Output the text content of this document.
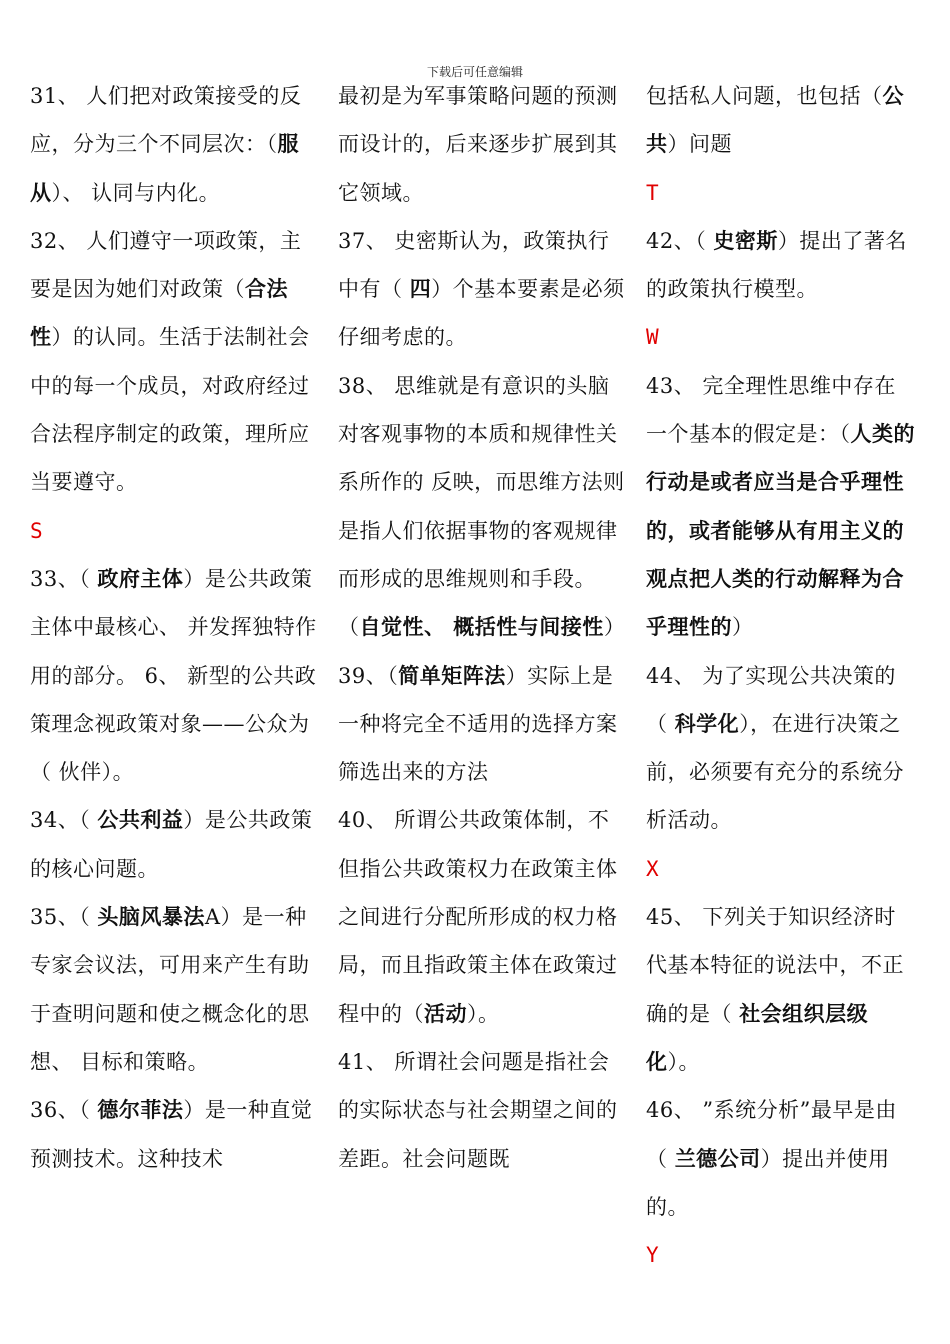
下载后可任意编辑

31、 人们把对政策接受的反应，分为三个不同层次：（服从）、 认同与内化。

32、 人们遵守一项政策，主要是因为她们对政策（合法性）的认同。生活于法制社会中的每一个成员，对政府经过合法程序制定的政策，理所应当要遵守。

S

33、（ 政府主体）是公共政策主体中最核心、 并发挥独特作用的部分。 6、 新型的公共政策理念视政策对象——公众为（ 伙伴）。

34、（ 公共利益）是公共政策的核心问题。

35、（ 头脑风暴法A）是一种专家会议法，可用来产生有助于查明问题和使之概念化的思想、 目标和策略。

36、（ 德尔菲法）是一种直觉预测技术。这种技术

最初是为军事策略问题的预测而设计的，后来逐步扩展到其它领域。

37、 史密斯认为，政策执行中有（ 四）个基本要素是必须仔细考虑的。

38、 思维就是有意识的头脑对客观事物的本质和规律性关系所作的 反映，而思维方法则是指人们依据事物的客观规律而形成的思维规则和手段。（自觉性、 概括性与间接性）

39、（简单矩阵法）实际上是一种将完全不适用的选择方案筛选出来的方法

40、 所谓公共政策体制，不但指公共政策权力在政策主体之间进行分配所形成的权力格局，而且指政策主体在政策过程中的（活动）。

41、 所谓社会问题是指社会的实际状态与社会期望之间的差距。社会问题既

包括私人问题，也包括（公共）问题

T

42、（ 史密斯）提出了著名的政策执行模型。

W

43、 完全理性思维中存在一个基本的假定是：（人类的行动是或者应当是合乎理性的，或者能够从有用主义的观点把人类的行动解释为合乎理性的）

44、 为了实现公共决策的（ 科学化），在进行决策之前，必须要有充分的系统分析活动。

X

45、 下列关于知识经济时代基本特征的说法中，不正确的是（ 社会组织层级化）。

46、 ”系统分析”最早是由（ 兰德公司）提出并使用的。

Y
